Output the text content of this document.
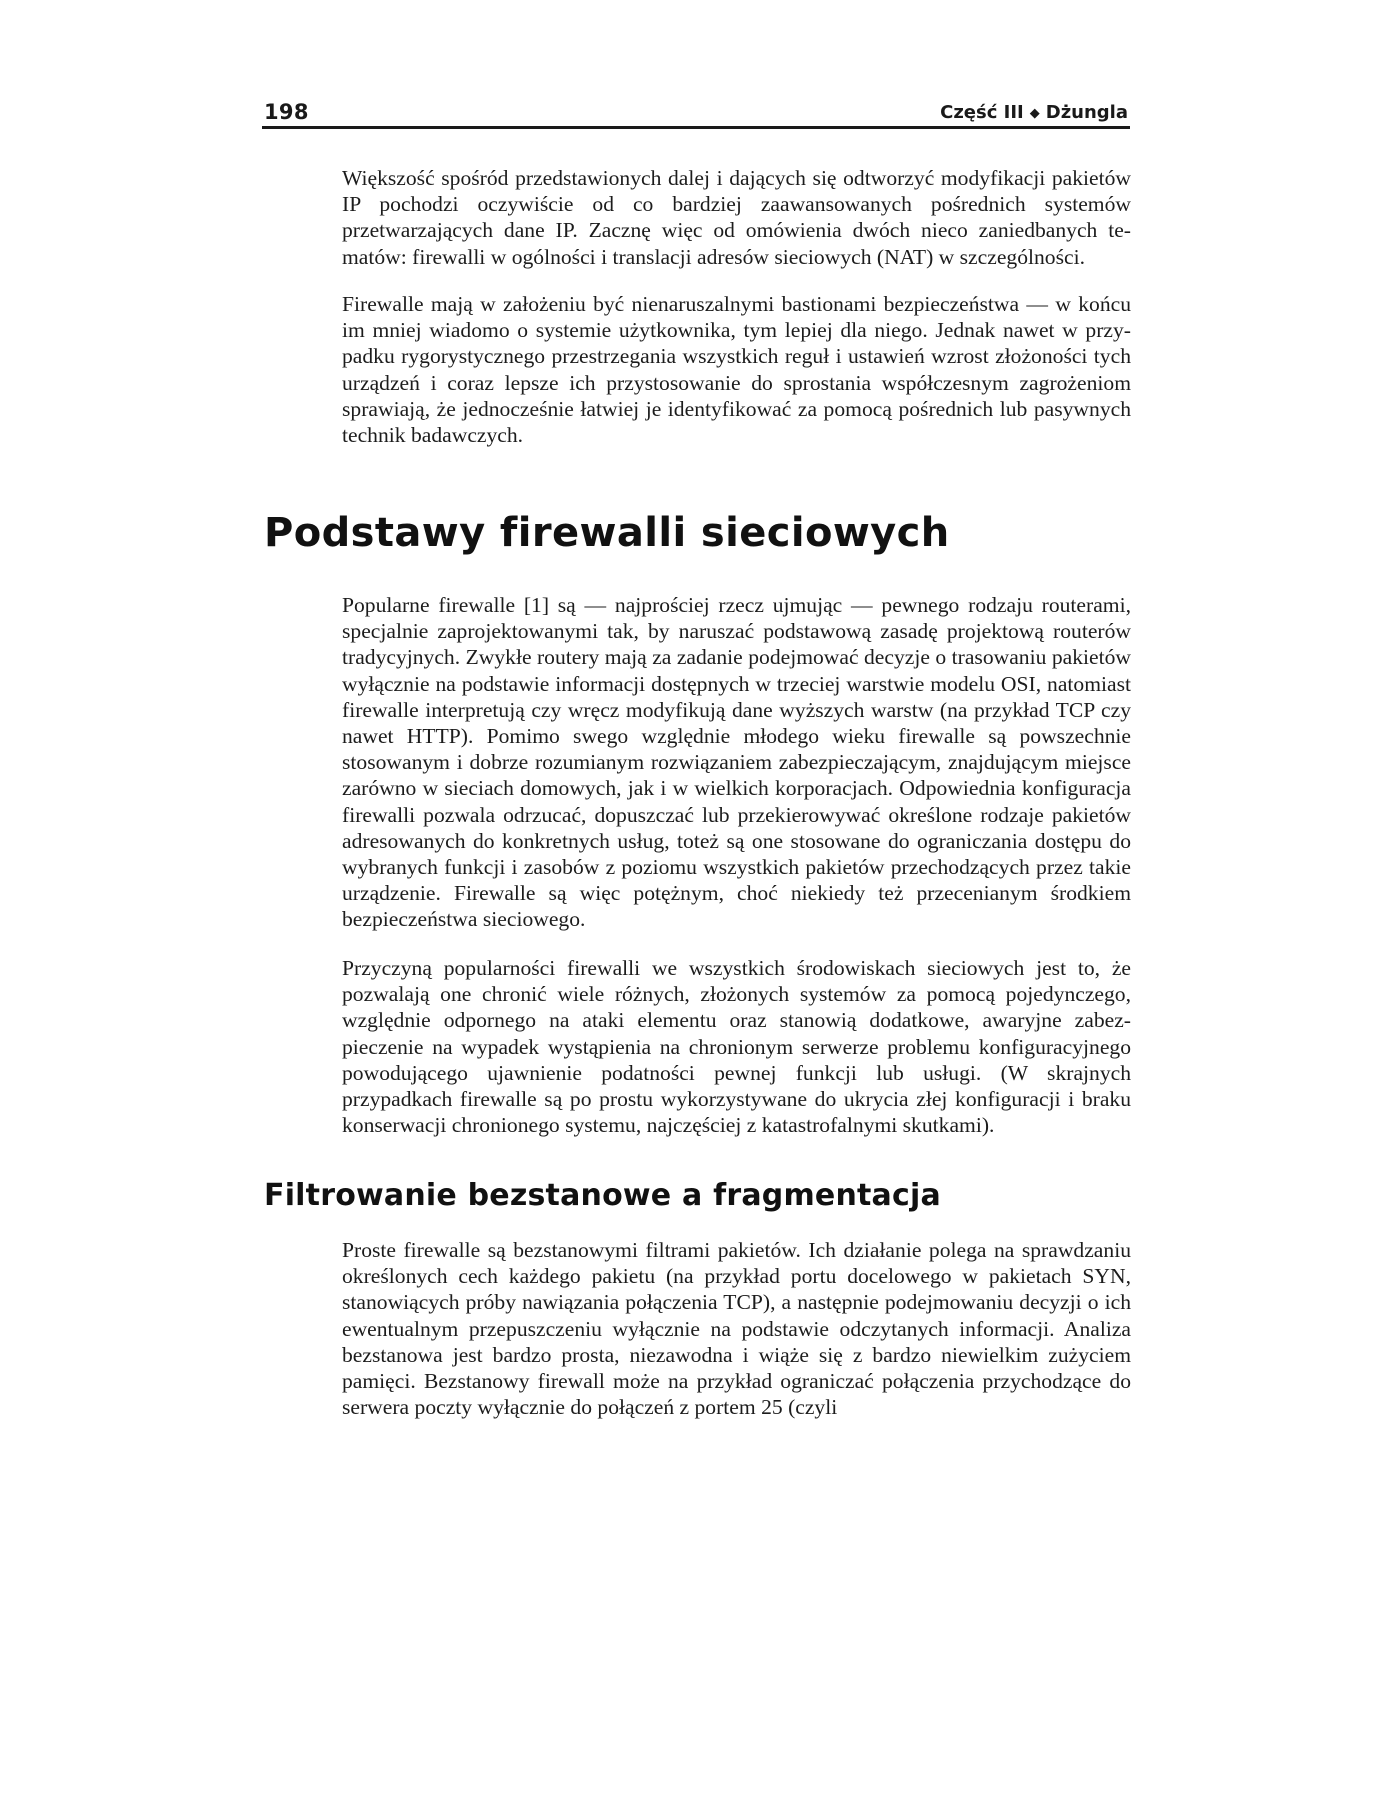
198	Część III ◆ Dżungla

Większość spośród przedstawionych dalej i dających się odtworzyć modyfikacji pakietów IP pochodzi oczywiście od co bardziej zaawansowanych pośrednich systemów przetwarzających dane IP. Zacznę więc od omówienia dwóch nieco zaniedbanych tematów: firewalli w ogólności i translacji adresów sieciowych (NAT) w szczególności.

Firewalle mają w założeniu być nienaruszalnymi bastionami bezpieczeństwa — w końcu im mniej wiadomo o systemie użytkownika, tym lepiej dla niego. Jednak nawet w przypadku rygorystycznego przestrzegania wszystkich reguł i ustawień wzrost złożoności tych urządzeń i coraz lepsze ich przystosowanie do sprostania współczesnym zagrożeniom sprawiają, że jednocześnie łatwiej je identyfikować za pomocą pośrednich lub pasywnych technik badawczych.

Podstawy firewalli sieciowych

Popularne firewalle [1] są — najprościej rzecz ujmując — pewnego rodzaju routerami, specjalnie zaprojektowanymi tak, by naruszać podstawową zasadę projektową routerów tradycyjnych. Zwykłe routery mają za zadanie podejmować decyzje o trasowaniu pakietów wyłącznie na podstawie informacji dostępnych w trzeciej warstwie modelu OSI, natomiast firewalle interpretują czy wręcz modyfikują dane wyższych warstw (na przykład TCP czy nawet HTTP). Pomimo swego względnie młodego wieku firewalle są powszechnie stosowanym i dobrze rozumianym rozwiązaniem zabezpieczającym, znajdującym miejsce zarówno w sieciach domowych, jak i w wielkich korporacjach. Odpowiednia konfiguracja firewalli pozwala odrzucać, dopuszczać lub przekierowywać określone rodzaje pakietów adresowanych do konkretnych usług, toteż są one stosowane do ograniczania dostępu do wybranych funkcji i zasobów z poziomu wszystkich pakietów przechodzących przez takie urządzenie. Firewalle są więc potężnym, choć niekiedy też przecenianym środkiem bezpieczeństwa sieciowego.

Przyczyną popularności firewalli we wszystkich środowiskach sieciowych jest to, że pozwalają one chronić wiele różnych, złożonych systemów za pomocą pojedynczego, względnie odpornego na ataki elementu oraz stanowią dodatkowe, awaryjne zabezpieczenie na wypadek wystąpienia na chronionym serwerze problemu konfiguracyjnego powodującego ujawnienie podatności pewnej funkcji lub usługi. (W skrajnych przypadkach firewalle są po prostu wykorzystywane do ukrycia złej konfiguracji i braku konserwacji chronionego systemu, najczęściej z katastrofalnymi skutkami).

Filtrowanie bezstanowe a fragmentacja

Proste firewalle są bezstanowymi filtrami pakietów. Ich działanie polega na sprawdzaniu określonych cech każdego pakietu (na przykład portu docelowego w pakietach SYN, stanowiących próby nawiązania połączenia TCP), a następnie podejmowaniu decyzji o ich ewentualnym przepuszczeniu wyłącznie na podstawie odczytanych informacji. Analiza bezstanowa jest bardzo prosta, niezawodna i wiąże się z bardzo niewielkim zużyciem pamięci. Bezstanowy firewall może na przykład ograniczać połączenia przychodzące do serwera poczty wyłącznie do połączeń z portem 25 (czyli
